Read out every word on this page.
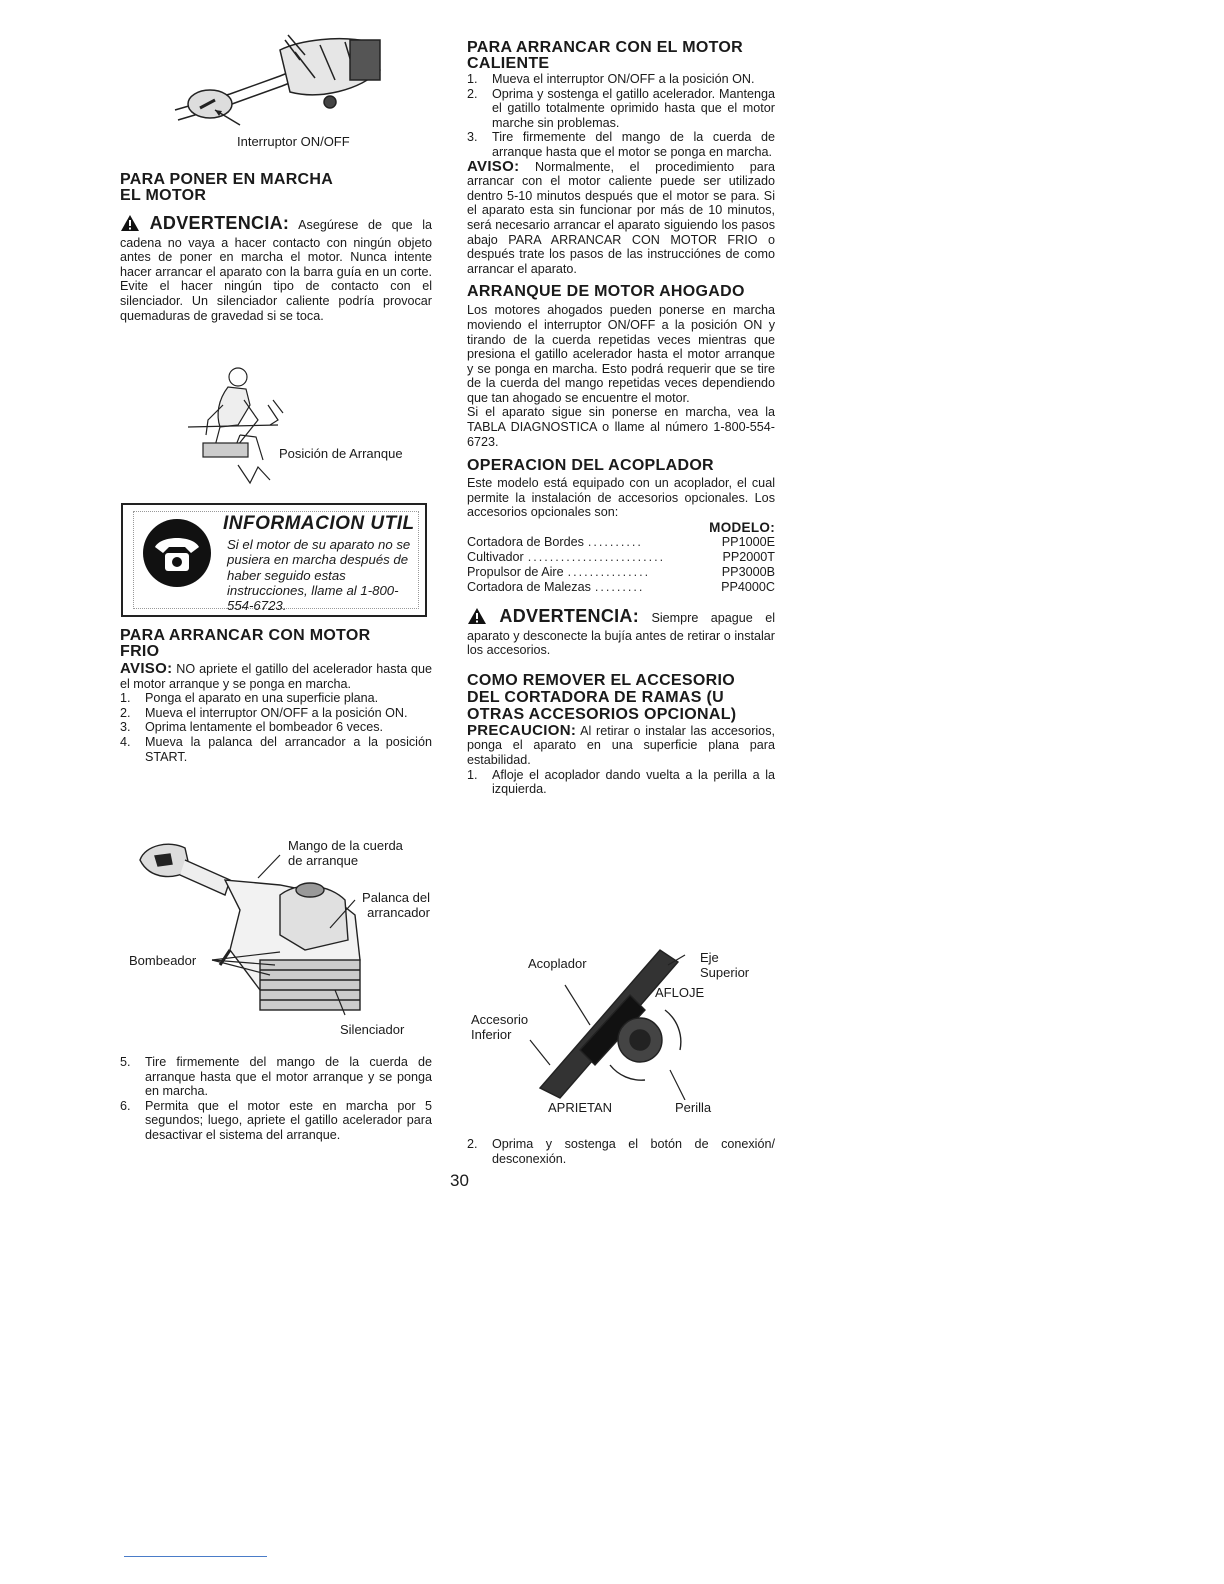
Interruptor ON/OFF
PARA PONER EN MARCHA
EL MOTOR

ADVERTENCIA: Asegúrese de que la cadena no vaya a hacer contacto con ningún objeto antes de poner en marcha el motor. Nunca intente hacer arrancar el aparato con la barra guía en un corte. Evite el hacer ningún tipo de contacto con el silenciador. Un silenciador caliente podría provocar quemaduras de gravedad si se toca.

Posición de Arranque
INFORMACION UTIL
Si el motor de su aparato no se pusiera en marcha después de haber seguido estas instrucciones, llame al 1-800-554-6723.
PARA ARRANCAR CON MOTOR
FRIO

AVISO: NO apriete el gatillo del acelerador hasta que el motor arranque y se ponga en marcha.

1. Ponga el aparato en una superficie plana.
2. Mueva el interruptor ON/OFF a la posición ON.
3. Oprima lentamente el bombeador 6 veces.
4. Mueva la palanca del arrancador a la posición START.
Mango de la cuerda
de arranque
Palanca del
arrancador
Bombeador
Silenciador
5. Tire firmemente del mango de la cuerda de arranque hasta que el motor arranque y se ponga en marcha.
6. Permita que el motor este en marcha por 5 segundos; luego, apriete el gatillo acelerador para desactivar el sistema del arranque.
PARA ARRANCAR CON EL MOTOR
CALIENTE
1. Mueva el interruptor ON/OFF a la posición ON.
2. Oprima y sostenga el gatillo acelerador. Mantenga el gatillo totalmente oprimido hasta que el motor marche sin problemas.
3. Tire firmemente del mango de la cuerda de arranque hasta que el motor se ponga en marcha.

AVISO: Normalmente, el procedimiento para arrancar con el motor caliente puede ser utilizado dentro 5-10 minutos después que el motor se para. Si el aparato esta sin funcionar por más de 10 minutos, será necesario arrancar el aparato siguiendo los pasos abajo PARA ARRANCAR CON MOTOR FRIO o después trate los pasos de las instrucciónes de como arrancar el aparato.

ARRANQUE DE MOTOR AHOGADO

Los motores ahogados pueden ponerse en marcha moviendo el interruptor ON/OFF a la posición ON y tirando de la cuerda repetidas veces mientras que presiona el gatillo acelerador hasta el motor arranque y se ponga en marcha. Esto podrá requerir que se tire de la cuerda del mango repetidas veces dependiendo que tan ahogado se encuentre el motor.

Si el aparato sigue sin ponerse en marcha, vea la TABLA DIAGNOSTICA o llame al número 1-800-554-6723.

OPERACION DEL ACOPLADOR

Este modelo está equipado con un acoplador, el cual permite la instalación de accesorios opcionales. Los accesorios opcionales son:

MODELO:
Cortadora de Bordes ..........	PP1000E
Cultivador .........................	PP2000T
Propulsor de Aire ...............	PP3000B
Cortadora de Malezas .........	PP4000C

ADVERTENCIA: Siempre apague el aparato y desconecte la bujía antes de retirar o instalar los accesorios.

COMO REMOVER EL ACCESORIO
DEL CORTADORA DE RAMAS (U
OTRAS ACCESORIOS OPCIONAL)

PRECAUCION: Al retirar o instalar las accesorios, ponga el aparato en una superficie plana para estabilidad.

1. Afloje el acoplador dando vuelta a la perilla a la izquierda.
Acoplador	Eje
Superior
AFLOJE
Accesorio
Inferior
APRIETAN	Perilla
2. Oprima y sostenga el botón de conexión/ desconexión.
30
